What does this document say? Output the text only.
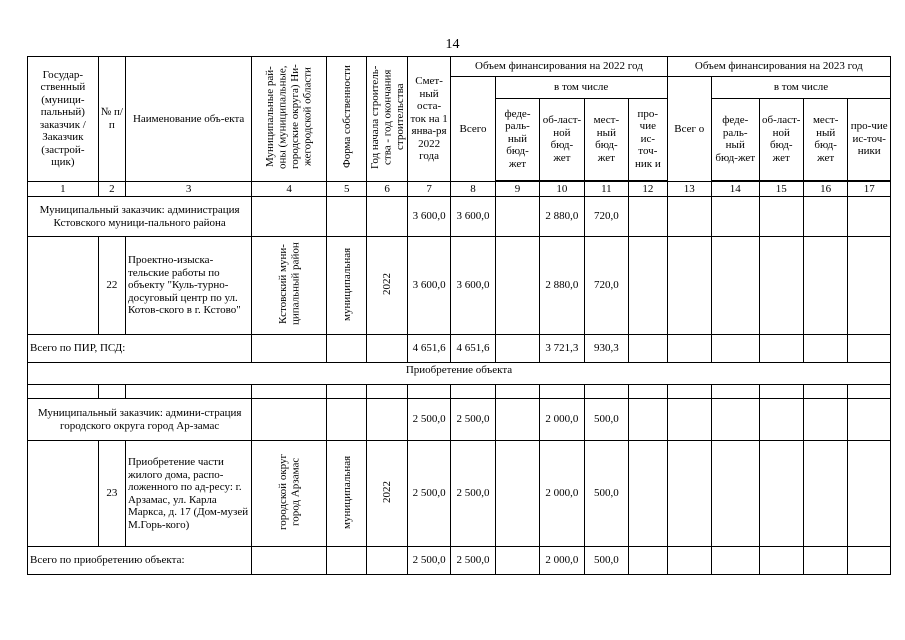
14
Государ-ственный (муници-пальный) заказчик / Заказчик (застрой-щик)	№ п/п	Наименование объ-екта	Муниципальные рай-оны (муниципальные, городские округа) Ни-жегородской области	Форма собственности	Год начала строитель-ства - год окончания строительства	Смет-ный оста-ток на 1 янва-ря 2022 года	Объем финансирования на 2022 год					Объем финансирования на 2023 год				
							Всего	в том числе				Всег о	в том числе			
								феде-раль-ный бюд-жет	об-ласт-ной бюд-жет	мест-ный бюд-жет	про-чие ис-точ-ник и		феде-раль-ный бюд-жет	об-ласт-ной бюд-жет	мест-ный бюд-жет	про-чие ис-точ-ники

1	2	3	4	5	6	7	8	9	10	11	12	13	14	15	16	17
Муниципальный заказчик: администрация Кстовского муници-пального района						3 600,0	3 600,0		2 880,0	720,0						
	22	Проектно-изыска-тельские работы по объекту "Куль-турно-досуговый центр по ул. Котов-ского в г. Кстово"	Кстовский муни-ципальный район	муниципальная	2022	3 600,0	3 600,0		2 880,0	720,0						
Всего по ПИР, ПСД:						4 651,6	4 651,6		3 721,3	930,3						
Приобретение объекта																

Муниципальный заказчик: админи-страция городского округа город Ар-замас						2 500,0	2 500,0		2 000,0	500,0						
	23	Приобретение части жилого дома, распо-ложенного по ад-ресу: г. Арзамас, ул. Карла Маркса, д. 17 (Дом-музей М.Горь-кого)	городской округ город Арзамас	муниципальная	2022	2 500,0	2 500,0		2 000,0	500,0						
Всего по приобретению объекта:						2 500,0	2 500,0		2 000,0	500,0						
